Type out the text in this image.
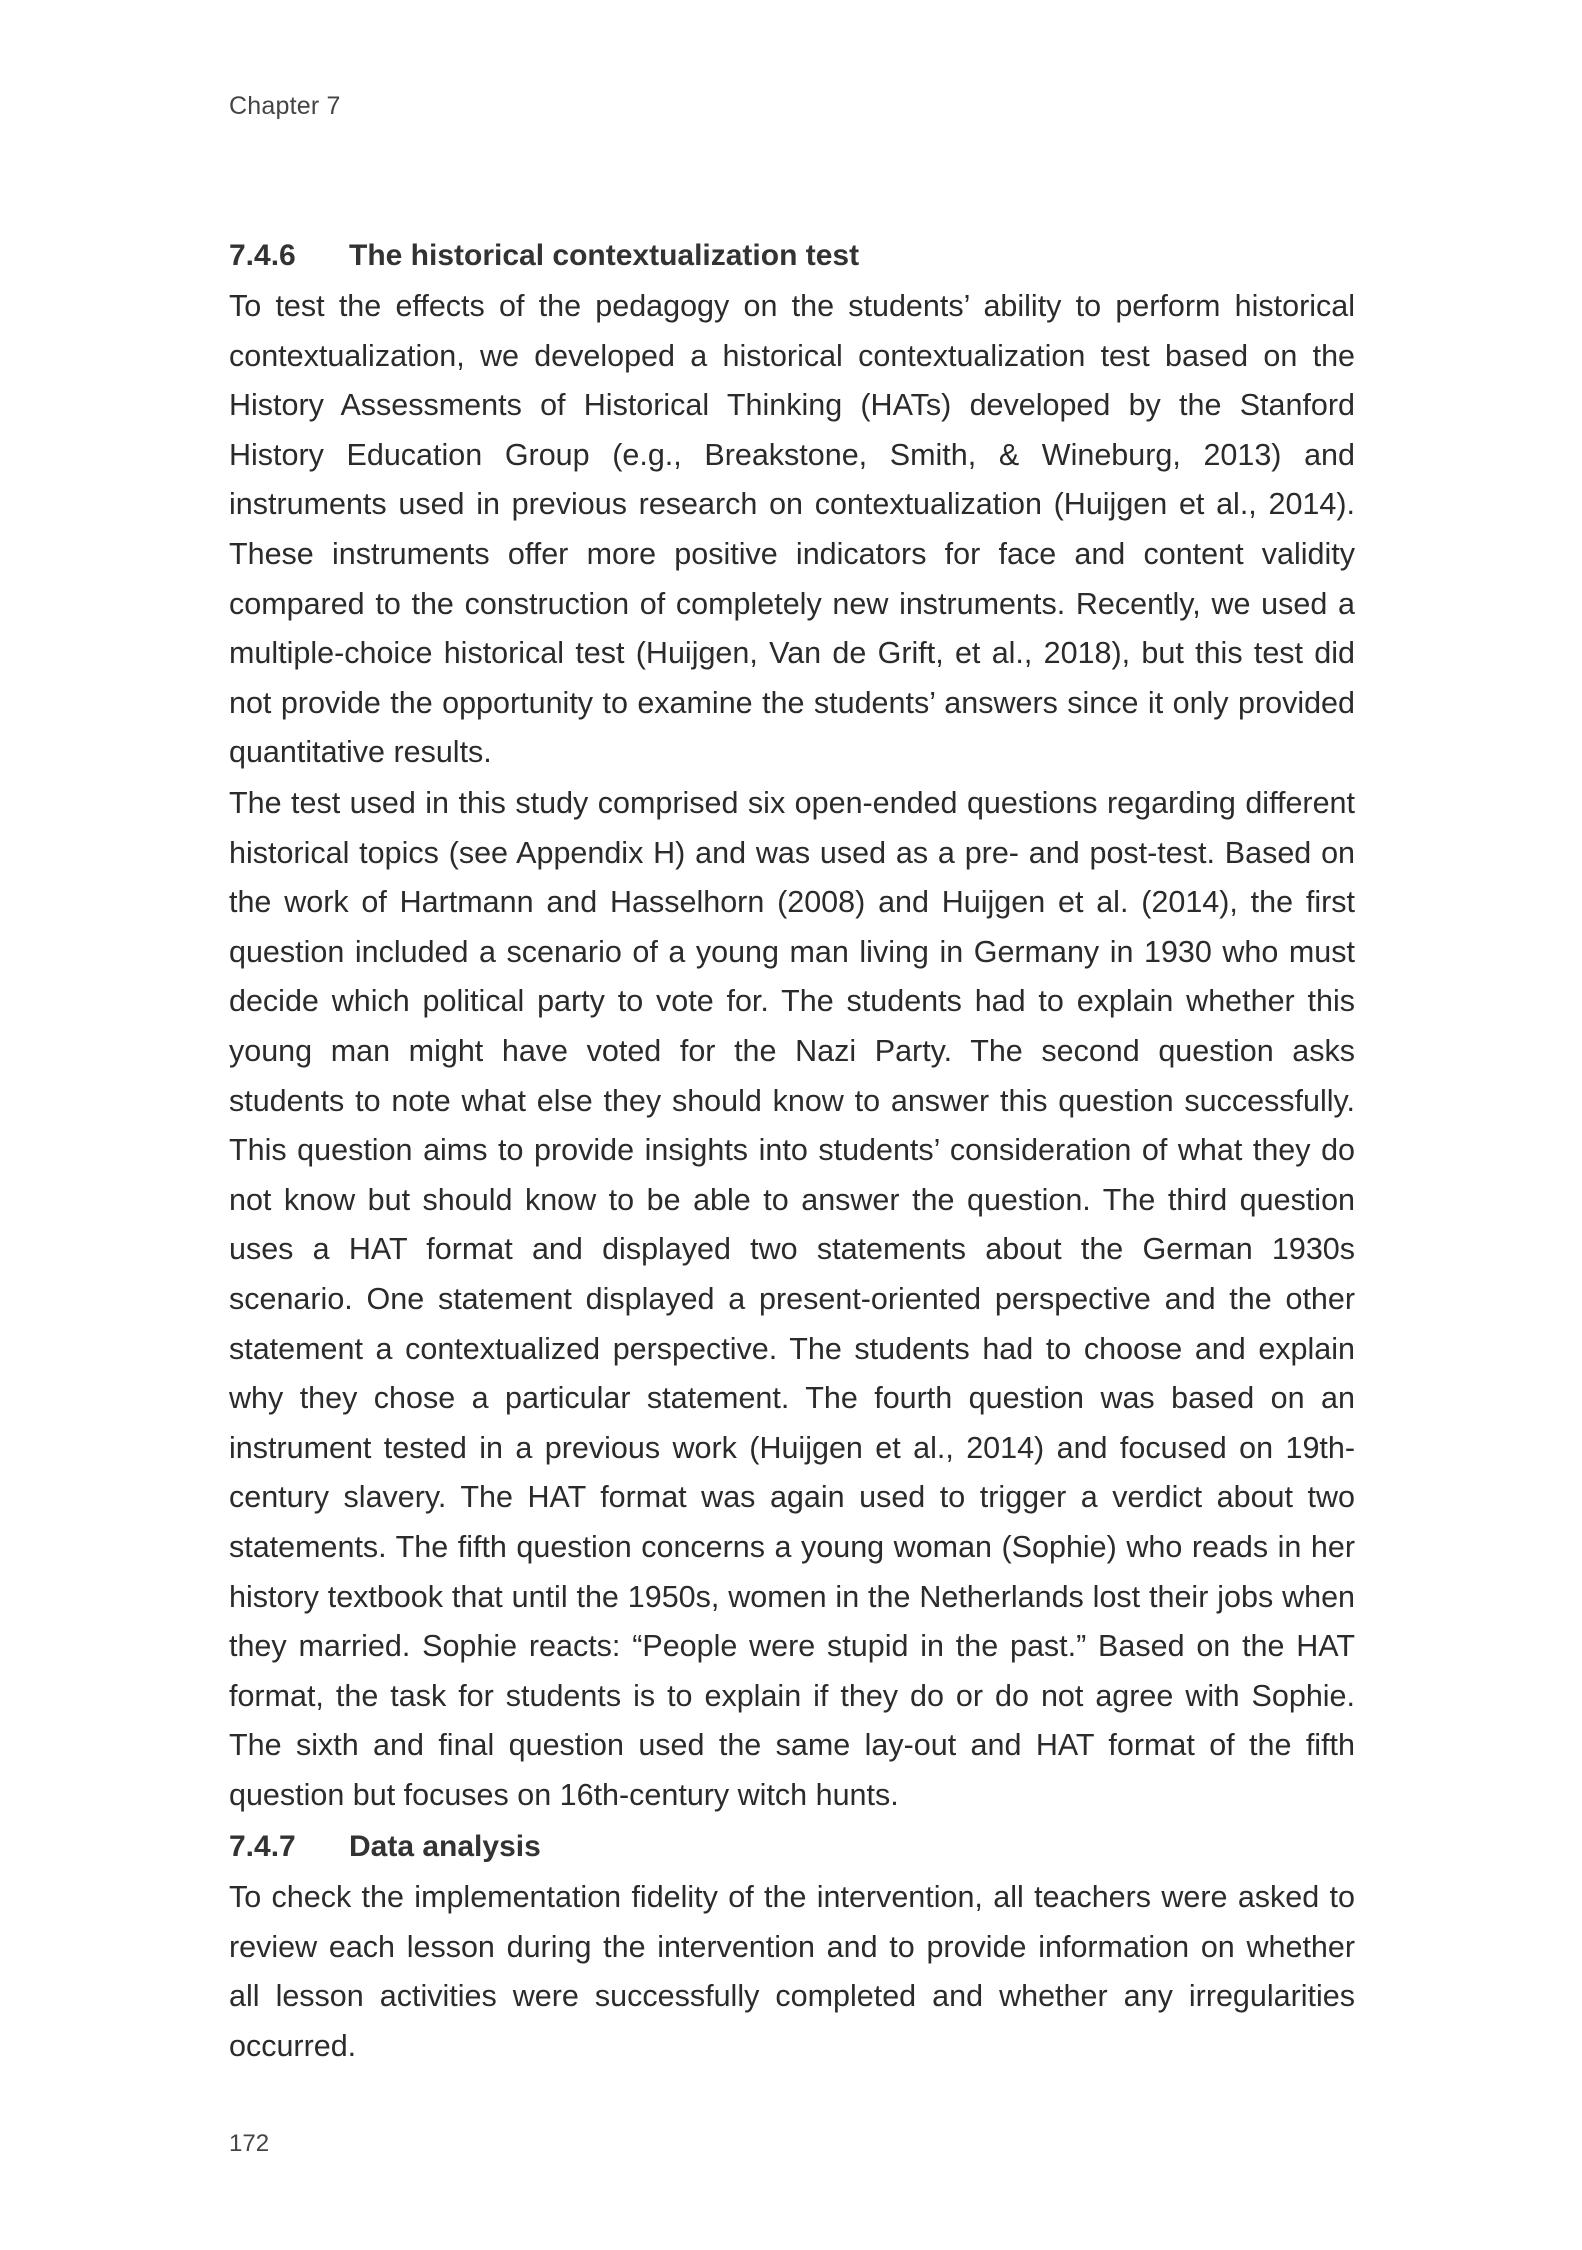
Chapter 7
7.4.6 The historical contextualization test

To test the effects of the pedagogy on the students’ ability to perform historical contextualization, we developed a historical contextualization test based on the History Assessments of Historical Thinking (HATs) developed by the Stanford History Education Group (e.g., Breakstone, Smith, & Wineburg, 2013) and instruments used in previous research on contextualization (Huijgen et al., 2014). These instruments offer more positive indicators for face and content validity compared to the construction of completely new instruments. Recently, we used a multiple-choice historical test (Huijgen, Van de Grift, et al., 2018), but this test did not provide the opportunity to examine the students’ answers since it only provided quantitative results.

The test used in this study comprised six open-ended questions regarding different historical topics (see Appendix H) and was used as a pre- and post-test. Based on the work of Hartmann and Hasselhorn (2008) and Huijgen et al. (2014), the first question included a scenario of a young man living in Germany in 1930 who must decide which political party to vote for. The students had to explain whether this young man might have voted for the Nazi Party. The second question asks students to note what else they should know to answer this question successfully. This question aims to provide insights into students’ consideration of what they do not know but should know to be able to answer the question. The third question uses a HAT format and displayed two statements about the German 1930s scenario. One statement displayed a present-oriented perspective and the other statement a contextualized perspective. The students had to choose and explain why they chose a particular statement. The fourth question was based on an instrument tested in a previous work (Huijgen et al., 2014) and focused on 19th-century slavery. The HAT format was again used to trigger a verdict about two statements. The fifth question concerns a young woman (Sophie) who reads in her history textbook that until the 1950s, women in the Netherlands lost their jobs when they married. Sophie reacts: “People were stupid in the past.” Based on the HAT format, the task for students is to explain if they do or do not agree with Sophie. The sixth and final question used the same lay-out and HAT format of the fifth question but focuses on 16th-century witch hunts.

7.4.7 Data analysis

To check the implementation fidelity of the intervention, all teachers were asked to review each lesson during the intervention and to provide information on whether all lesson activities were successfully completed and whether any irregularities occurred.

172
